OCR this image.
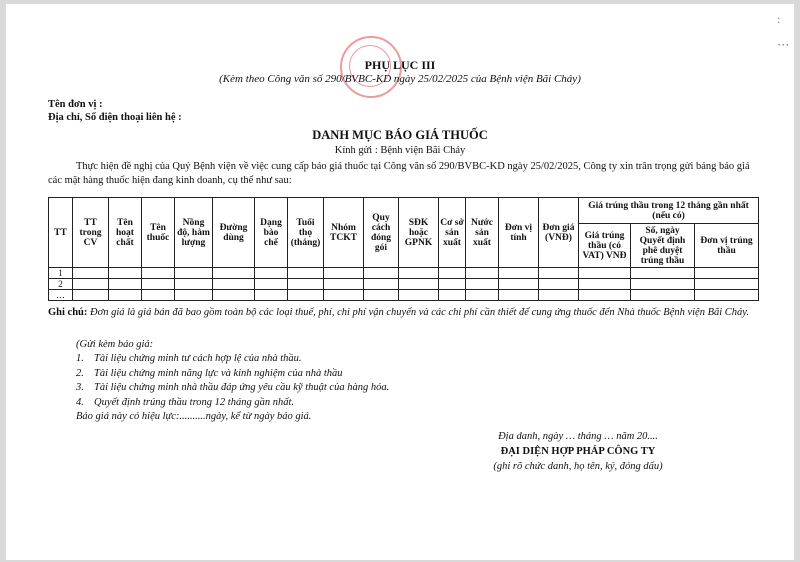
:
⋅⋅⋅
PHỤ LỤC III
(Kèm theo Công văn số 290/BVBC-KD ngày 25/02/2025 của Bệnh viện Bãi Cháy)
Tên đơn vị :
Địa chỉ, Số điện thoại liên hệ :
DANH MỤC BÁO GIÁ THUỐC
Kính gửi : Bệnh viện Bãi Cháy

Thực hiện đề nghị của Quý Bệnh viện về việc cung cấp báo giá thuốc tại Công văn số 290/BVBC-KD ngày 25/02/2025, Công ty xin trân trọng gửi bảng báo giá các mặt hàng thuốc hiện đang kinh doanh, cụ thể như sau:

TT	TT trong CV	Tên hoạt chất	Tên thuốc	Nồng độ, hàm lượng	Đường dùng	Dạng bào chế	Tuổi thọ (tháng)	Nhóm TCKT	Quy cách đóng gói	SĐK hoặc GPNK	Cơ sở sản xuất	Nước sản xuất	Đơn vị tính	Đơn giá (VNĐ)	Giá trúng thầu trong 12 tháng gần nhất (nếu có)		
															Giá trúng thầu (có VAT) VNĐ	Số, ngày Quyết định phê duyệt trúng thầu	Đơn vị trúng thầu
1																	
2																	
…																	
Ghi chú: Đơn giá là giá bán đã bao gồm toàn bộ các loại thuế, phí, chi phí vận chuyển và các chi phí cần thiết để cung ứng thuốc đến Nhà thuốc Bệnh viện Bãi Cháy.
(Gửi kèm báo giá:
1. Tài liệu chứng minh tư cách hợp lệ của nhà thầu.
2. Tài liệu chứng minh năng lực và kinh nghiệm của nhà thầu
3. Tài liệu chứng minh nhà thầu đáp ứng yêu cầu kỹ thuật của hàng hóa.
4. Quyết định trúng thầu trong 12 tháng gần nhất.
Báo giá này có hiệu lực:..........ngày, kể từ ngày báo giá.
Địa danh, ngày … tháng … năm 20....
ĐẠI DIỆN HỢP PHÁP CÔNG TY
(ghi rõ chức danh, họ tên, ký, đóng dấu)
